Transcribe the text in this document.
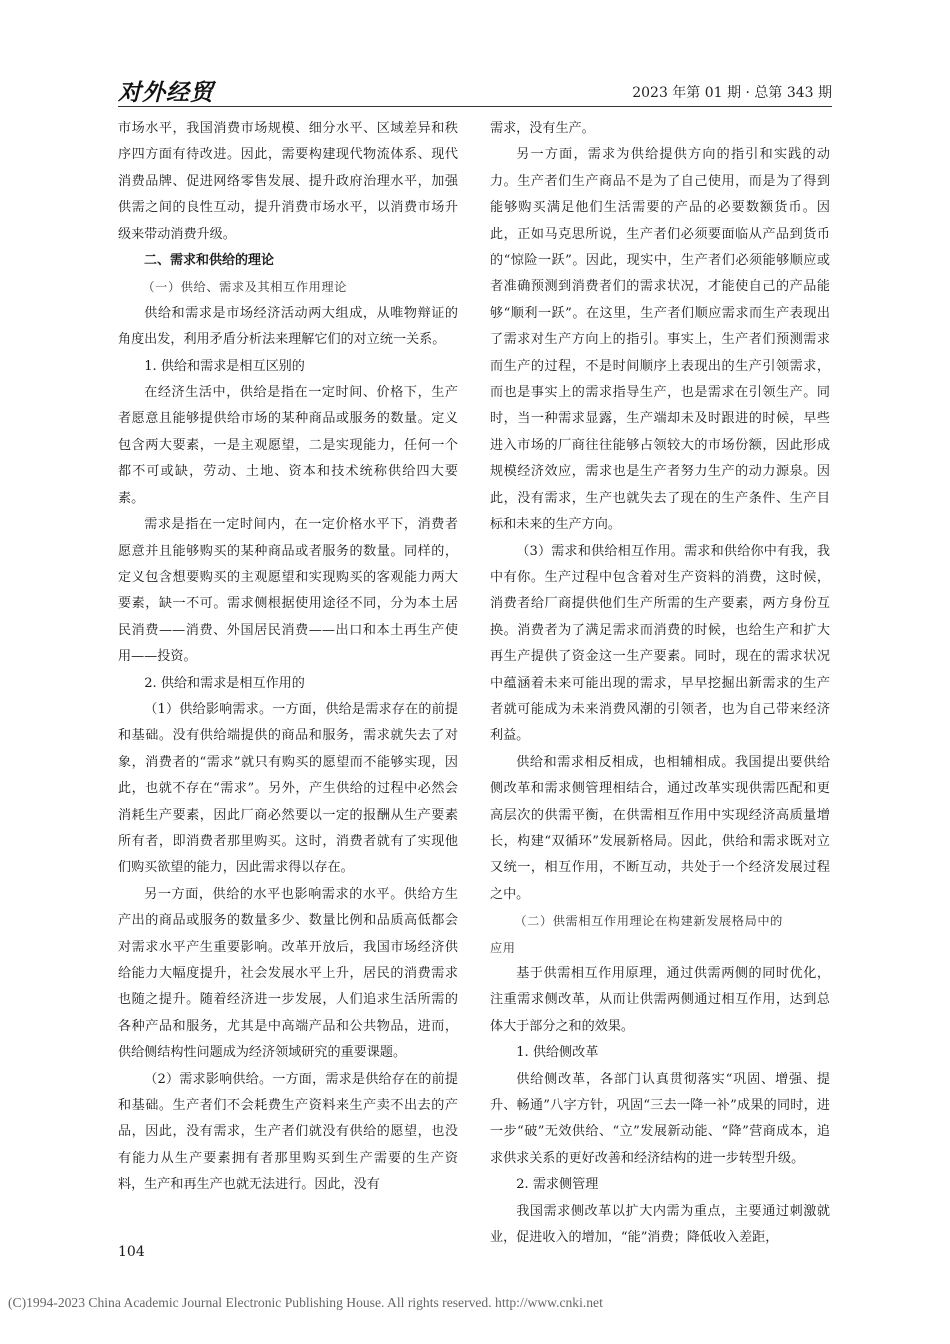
对外经贸	2023 年第 01 期 · 总第 343 期

市场水平，我国消费市场规模、细分水平、区域差异和秩序四方面有待改进。因此，需要构建现代物流体系、现代消费品牌、促进网络零售发展、提升政府治理水平，加强供需之间的良性互动，提升消费市场水平，以消费市场升级来带动消费升级。

二、需求和供给的理论

（一）供给、需求及其相互作用理论

供给和需求是市场经济活动两大组成，从唯物辩证的角度出发，利用矛盾分析法来理解它们的对立统一关系。

1. 供给和需求是相互区别的

在经济生活中，供给是指在一定时间、价格下，生产者愿意且能够提供给市场的某种商品或服务的数量。定义包含两大要素，一是主观愿望，二是实现能力，任何一个都不可或缺，劳动、土地、资本和技术统称供给四大要素。

需求是指在一定时间内，在一定价格水平下，消费者愿意并且能够购买的某种商品或者服务的数量。同样的，定义包含想要购买的主观愿望和实现购买的客观能力两大要素，缺一不可。需求侧根据使用途径不同，分为本土居民消费——消费、外国居民消费——出口和本土再生产使用——投资。

2. 供给和需求是相互作用的

（1）供给影响需求。一方面，供给是需求存在的前提和基础。没有供给端提供的商品和服务，需求就失去了对象，消费者的“需求”就只有购买的愿望而不能够实现，因此，也就不存在“需求”。另外，产生供给的过程中必然会消耗生产要素，因此厂商必然要以一定的报酬从生产要素所有者，即消费者那里购买。这时，消费者就有了实现他们购买欲望的能力，因此需求得以存在。

另一方面，供给的水平也影响需求的水平。供给方生产出的商品或服务的数量多少、数量比例和品质高低都会对需求水平产生重要影响。改革开放后，我国市场经济供给能力大幅度提升，社会发展水平上升，居民的消费需求也随之提升。随着经济进一步发展，人们追求生活所需的各种产品和服务，尤其是中高端产品和公共物品，进而，供给侧结构性问题成为经济领域研究的重要课题。

（2）需求影响供给。一方面，需求是供给存在的前提和基础。生产者们不会耗费生产资料来生产卖不出去的产品，因此，没有需求，生产者们就没有供给的愿望，也没有能力从生产要素拥有者那里购买到生产需要的生产资料，生产和再生产也就无法进行。因此，没有

需求，没有生产。

另一方面，需求为供给提供方向的指引和实践的动力。生产者们生产商品不是为了自己使用，而是为了得到能够购买满足他们生活需要的产品的必要数额货币。因此，正如马克思所说，生产者们必须要面临从产品到货币的“惊险一跃”。因此，现实中，生产者们必须能够顺应或者准确预测到消费者们的需求状况，才能使自己的产品能够“顺利一跃”。在这里，生产者们顺应需求而生产表现出了需求对生产方向上的指引。事实上，生产者们预测需求而生产的过程，不是时间顺序上表现出的生产引领需求，而也是事实上的需求指导生产，也是需求在引领生产。同时，当一种需求显露，生产端却未及时跟进的时候，早些进入市场的厂商往往能够占领较大的市场份额，因此形成规模经济效应，需求也是生产者努力生产的动力源泉。因此，没有需求，生产也就失去了现在的生产条件、生产目标和未来的生产方向。

（3）需求和供给相互作用。需求和供给你中有我，我中有你。生产过程中包含着对生产资料的消费，这时候，消费者给厂商提供他们生产所需的生产要素，两方身份互换。消费者为了满足需求而消费的时候，也给生产和扩大再生产提供了资金这一生产要素。同时，现在的需求状况中蕴涵着未来可能出现的需求，早早挖掘出新需求的生产者就可能成为未来消费风潮的引领者，也为自己带来经济利益。

供给和需求相反相成，也相辅相成。我国提出要供给侧改革和需求侧管理相结合，通过改革实现供需匹配和更高层次的供需平衡，在供需相互作用中实现经济高质量增长，构建“双循环”发展新格局。因此，供给和需求既对立又统一，相互作用，不断互动，共处于一个经济发展过程之中。

（二）供需相互作用理论在构建新发展格局中的

应用

基于供需相互作用原理，通过供需两侧的同时优化，注重需求侧改革，从而让供需两侧通过相互作用，达到总体大于部分之和的效果。

1. 供给侧改革

供给侧改革，各部门认真贯彻落实“巩固、增强、提升、畅通”八字方针，巩固“三去一降一补”成果的同时，进一步“破”无效供给、“立”发展新动能、“降”营商成本，追求供求关系的更好改善和经济结构的进一步转型升级。

2. 需求侧管理

我国需求侧改革以扩大内需为重点，主要通过刺激就业，促进收入的增加，“能”消费；降低收入差距，

104
(C)1994-2023 China Academic Journal Electronic Publishing House. All rights reserved. http://www.cnki.net
